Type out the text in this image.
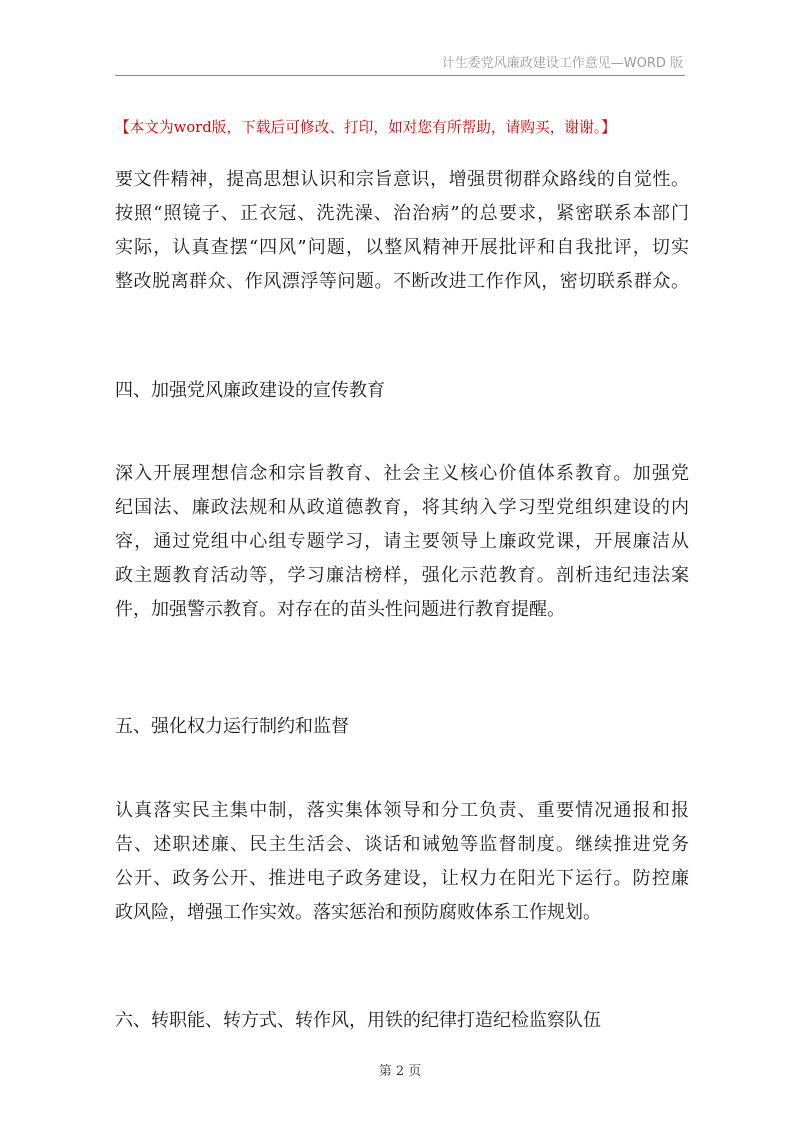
计生委党风廉政建设工作意见—WORD 版
【本文为word版，下载后可修改、打印，如对您有所帮助，请购买，谢谢。】
要文件精神，提高思想认识和宗旨意识，增强贯彻群众路线的自觉性。
按照“照镜子、正衣冠、洗洗澡、治治病”的总要求，紧密联系本部门
实际，认真查摆“四风”问题，以整风精神开展批评和自我批评，切实
整改脱离群众、作风漂浮等问题。不断改进工作作风，密切联系群众。
四、加强党风廉政建设的宣传教育
深入开展理想信念和宗旨教育、社会主义核心价值体系教育。加强党
纪国法、廉政法规和从政道德教育，将其纳入学习型党组织建设的内
容，通过党组中心组专题学习，请主要领导上廉政党课，开展廉洁从
政主题教育活动等，学习廉洁榜样，强化示范教育。剖析违纪违法案
件，加强警示教育。对存在的苗头性问题进行教育提醒。
五、强化权力运行制约和监督
认真落实民主集中制，落实集体领导和分工负责、重要情况通报和报
告、述职述廉、民主生活会、谈话和诫勉等监督制度。继续推进党务
公开、政务公开、推进电子政务建设，让权力在阳光下运行。防控廉
政风险，增强工作实效。落实惩治和预防腐败体系工作规划。
六、转职能、转方式、转作风，用铁的纪律打造纪检监察队伍
第 2 页
